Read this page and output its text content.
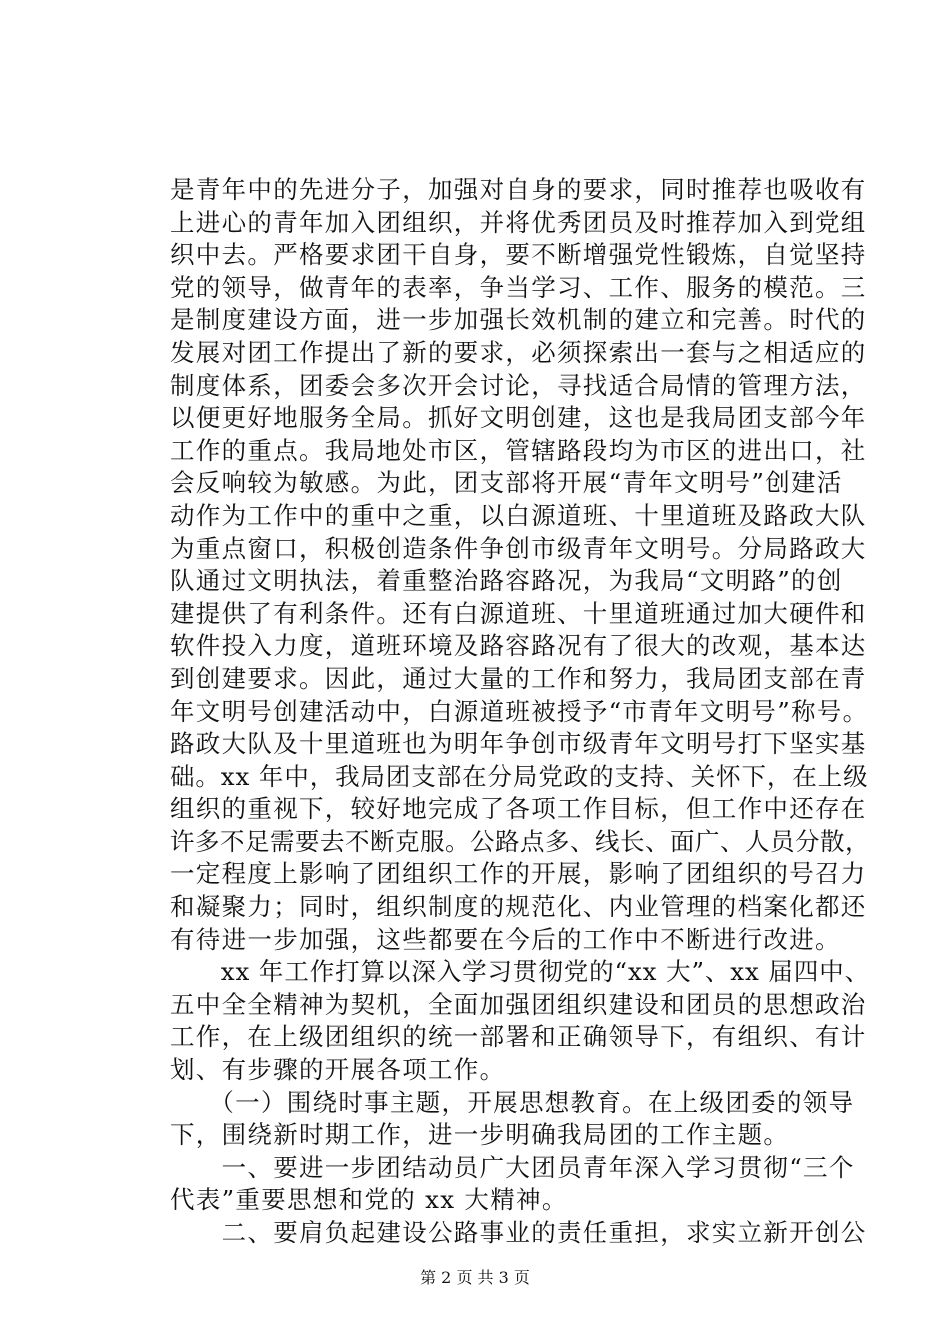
是青年中的先进分子，加强对自身的要求，同时推荐也吸收有
上进心的青年加入团组织，并将优秀团员及时推荐加入到党组
织中去。严格要求团干自身，要不断增强党性锻炼，自觉坚持
党的领导，做青年的表率，争当学习、工作、服务的模范。三
是制度建设方面，进一步加强长效机制的建立和完善。时代的
发展对团工作提出了新的要求，必须探索出一套与之相适应的
制度体系，团委会多次开会讨论，寻找适合局情的管理方法，
以便更好地服务全局。抓好文明创建，这也是我局团支部今年
工作的重点。我局地处市区，管辖路段均为市区的进出口，社
会反响较为敏感。为此，团支部将开展“青年文明号”创建活
动作为工作中的重中之重，以白源道班、十里道班及路政大队
为重点窗口，积极创造条件争创市级青年文明号。分局路政大
队通过文明执法，着重整治路容路况，为我局“文明路”的创
建提供了有利条件。还有白源道班、十里道班通过加大硬件和
软件投入力度，道班环境及路容路况有了很大的改观，基本达
到创建要求。因此，通过大量的工作和努力，我局团支部在青
年文明号创建活动中，白源道班被授予“市青年文明号”称号。
路政大队及十里道班也为明年争创市级青年文明号打下坚实基
础。xx 年中，我局团支部在分局党政的支持、关怀下，在上级
组织的重视下，较好地完成了各项工作目标，但工作中还存在
许多不足需要去不断克服。公路点多、线长、面广、人员分散，
一定程度上影响了团组织工作的开展，影响了团组织的号召力
和凝聚力；同时，组织制度的规范化、内业管理的档案化都还
有待进一步加强，这些都要在今后的工作中不断进行改进。
　　xx 年工作打算以深入学习贯彻党的“xx 大”、xx 届四中、
五中全全精神为契机，全面加强团组织建设和团员的思想政治
工作，在上级团组织的统一部署和正确领导下，有组织、有计
划、有步骤的开展各项工作。
　　（一）围绕时事主题，开展思想教育。在上级团委的领导
下，围绕新时期工作，进一步明确我局团的工作主题。
　　一、要进一步团结动员广大团员青年深入学习贯彻“三个
代表”重要思想和党的 xx 大精神。
　　二、要肩负起建设公路事业的责任重担，求实立新开创公
第 2 页 共 3 页
